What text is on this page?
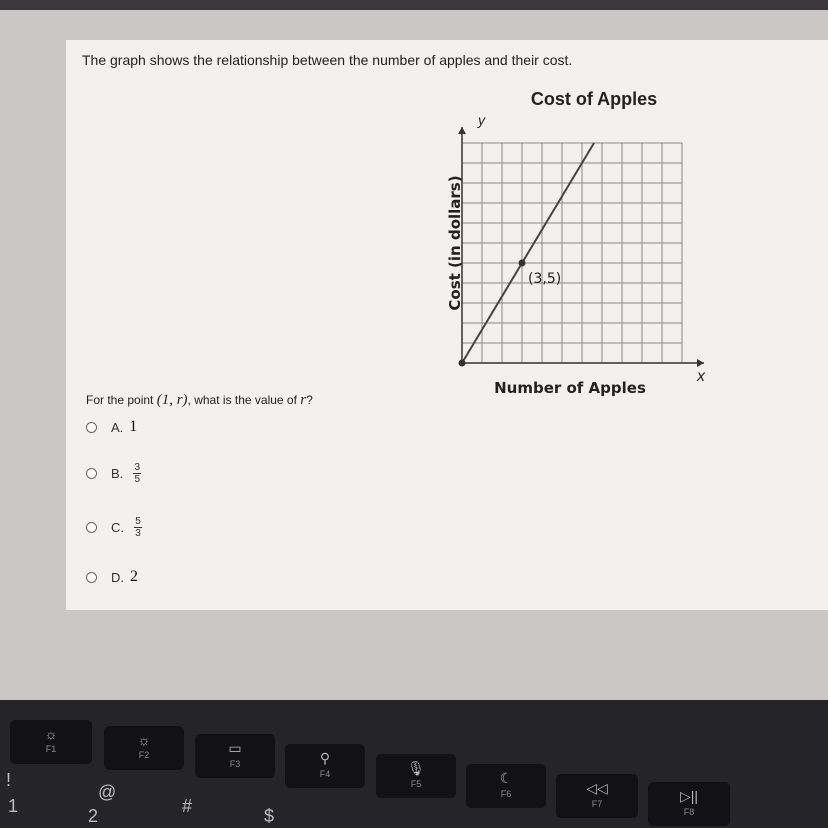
The graph shows the relationship between the number of apples and their cost.
Cost of Apples
y
x
Cost (in dollars)
Number of Apples
(3,5)
For the point (1, r), what is the value of r?
A. 1
B. $\frac{3}{5}$
C. $\frac{5}{3}$
D. 2
☼
F1
☼
F2	▭
F3	⚲
F4	🎙
F5	☾
F6	◁◁
F7	▷||
F8
!
1
@
2	#	$
